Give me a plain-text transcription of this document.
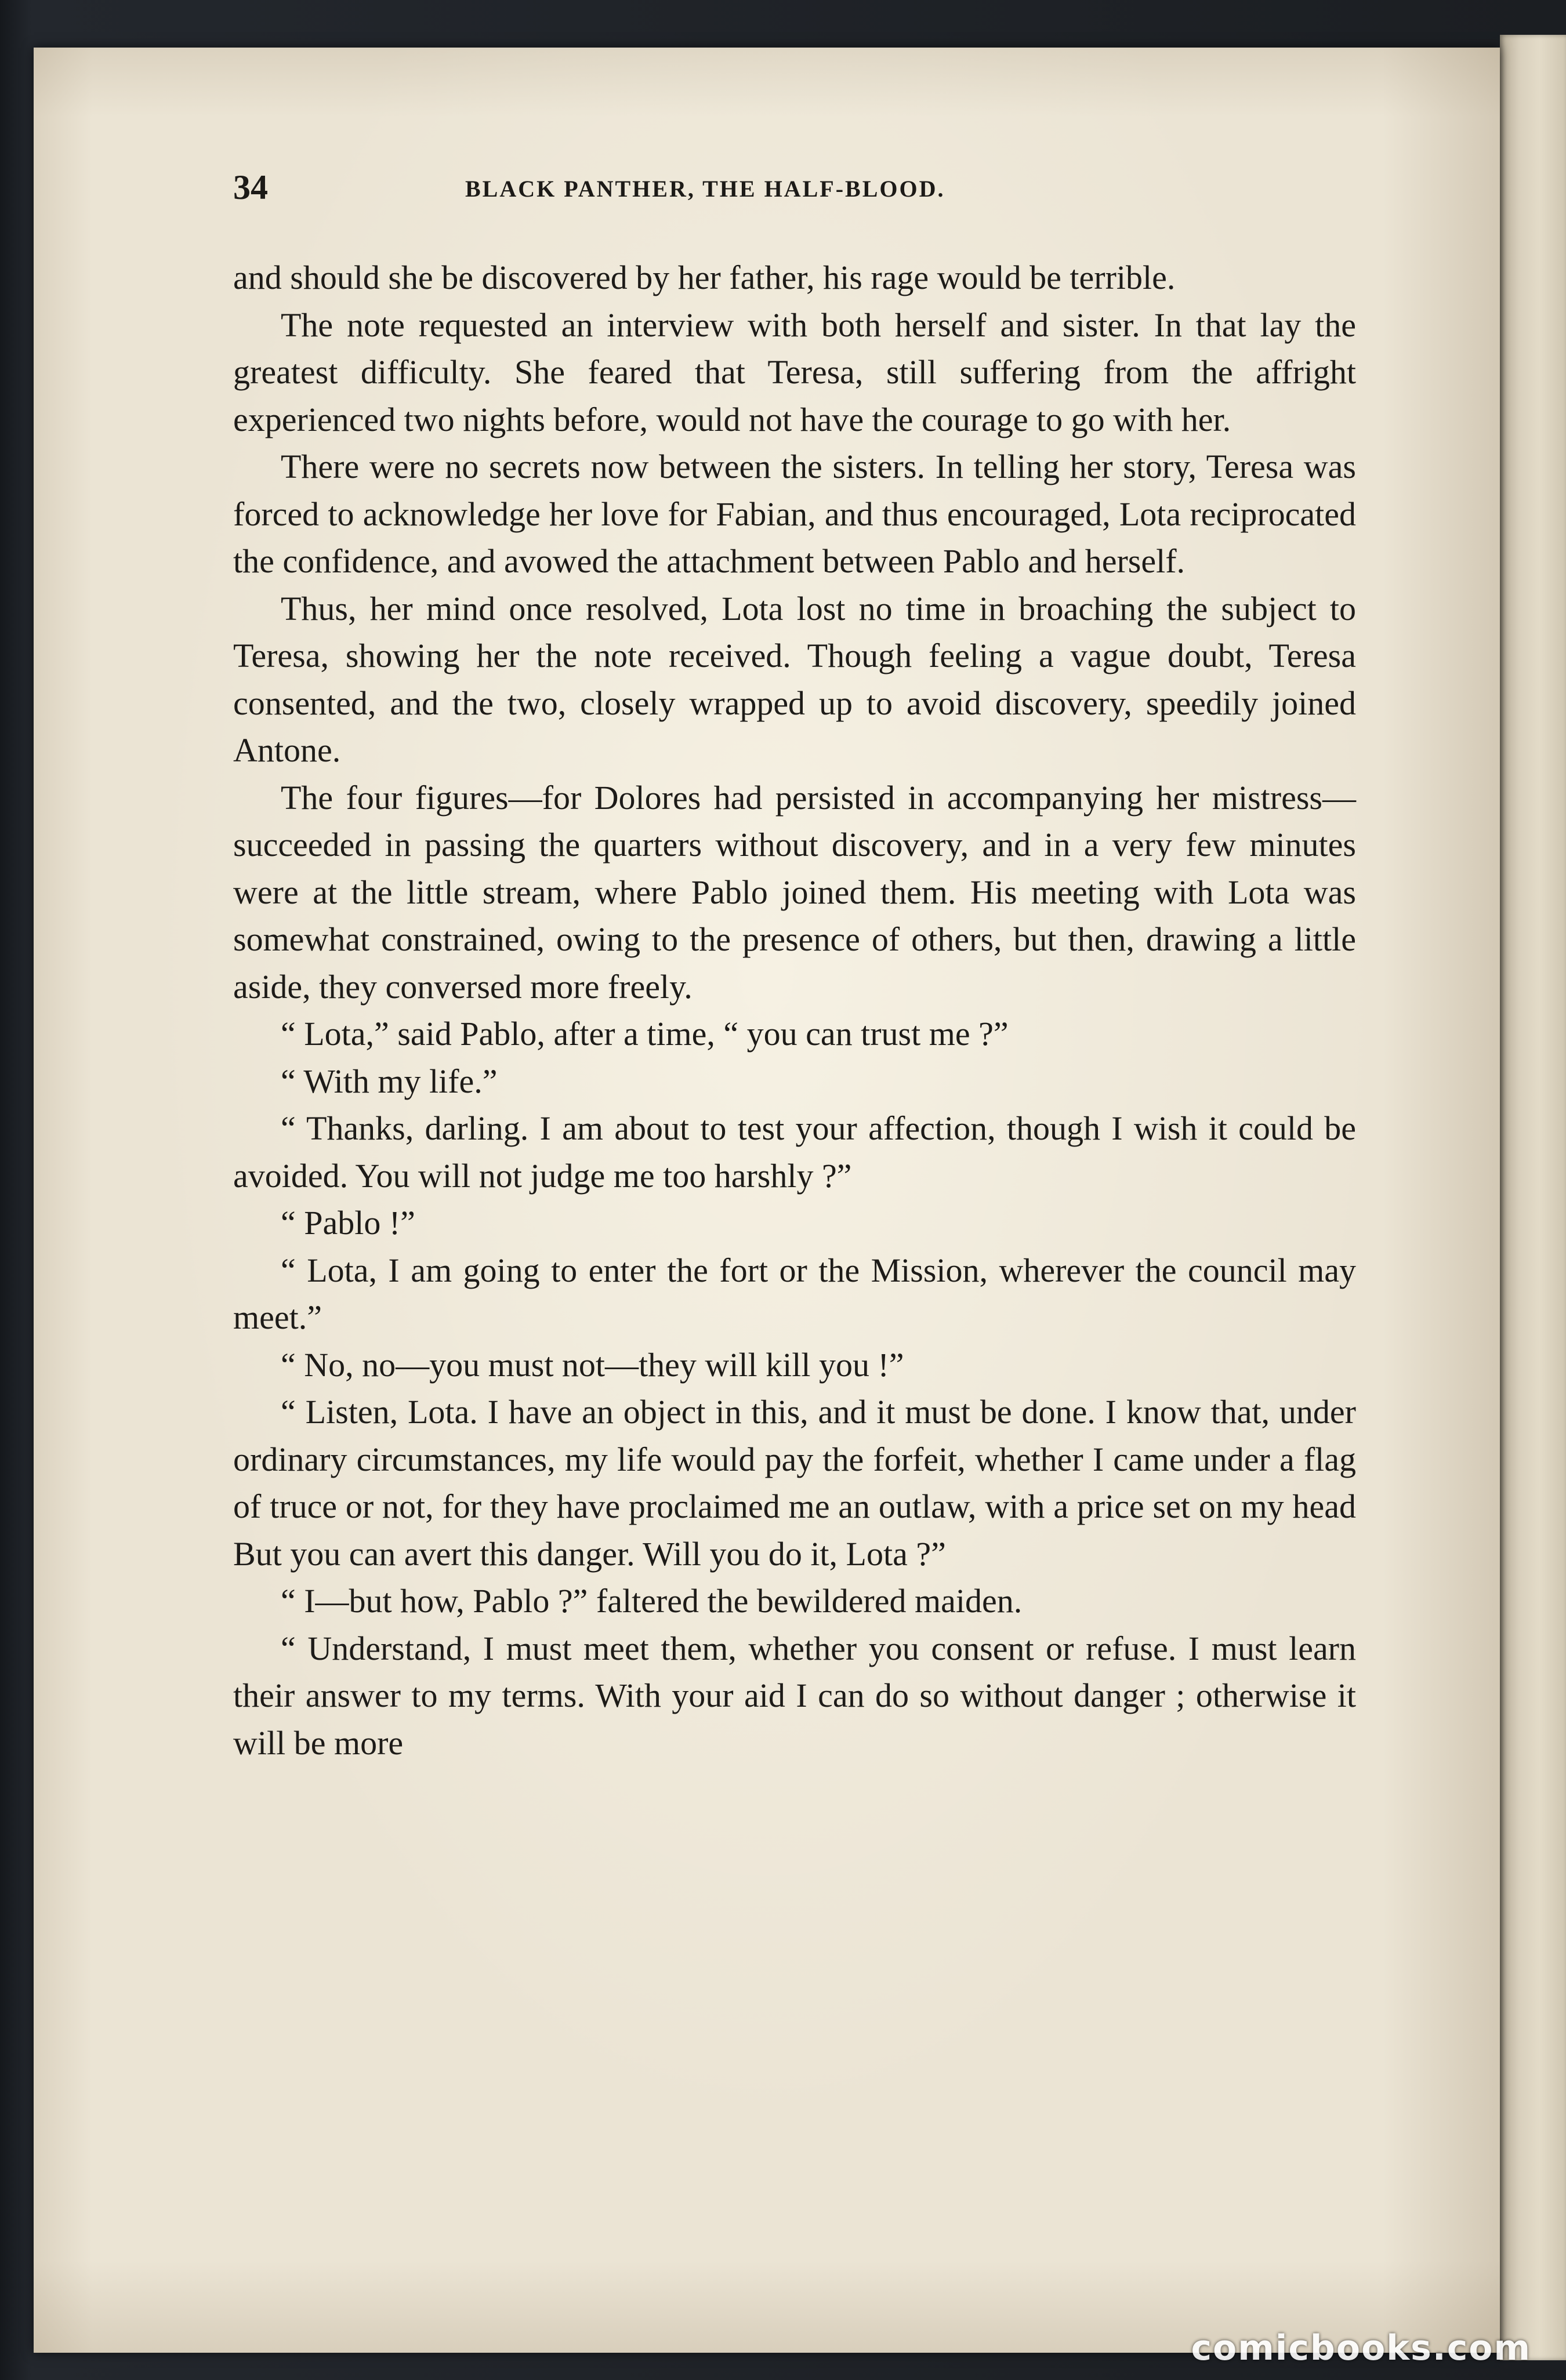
34	BLACK PANTHER, THE HALF-BLOOD.

and should she be discovered by her father, his rage would be terrible.

The note requested an interview with both herself and sister. In that lay the greatest difficulty. She feared that Teresa, still suffering from the affright experienced two nights before, would not have the courage to go with her.

There were no secrets now between the sisters. In telling her story, Teresa was forced to acknowledge her love for Fabian, and thus encouraged, Lota reciprocated the confidence, and avowed the attachment between Pablo and herself.

Thus, her mind once resolved, Lota lost no time in broaching the subject to Teresa, showing her the note received. Though feeling a vague doubt, Teresa consented, and the two, closely wrapped up to avoid discovery, speedily joined Antone.

The four figures—for Dolores had persisted in accompanying her mistress—succeeded in passing the quarters without discovery, and in a very few minutes were at the little stream, where Pablo joined them. His meeting with Lota was somewhat constrained, owing to the presence of others, but then, drawing a little aside, they conversed more freely.

“ Lota,” said Pablo, after a time, “ you can trust me ?”

“ With my life.”

“ Thanks, darling. I am about to test your affection, though I wish it could be avoided. You will not judge me too harshly ?”

“ Pablo !”

“ Lota, I am going to enter the fort or the Mission, wherever the council may meet.”

“ No, no—you must not—they will kill you !”

“ Listen, Lota. I have an object in this, and it must be done. I know that, under ordinary circumstances, my life would pay the forfeit, whether I came under a flag of truce or not, for they have proclaimed me an outlaw, with a price set on my head But you can avert this danger. Will you do it, Lota ?”

“ I—but how, Pablo ?” faltered the bewildered maiden.

“ Understand, I must meet them, whether you consent or refuse. I must learn their answer to my terms. With your aid I can do so without danger ; otherwise it will be more

comicbooks.com
